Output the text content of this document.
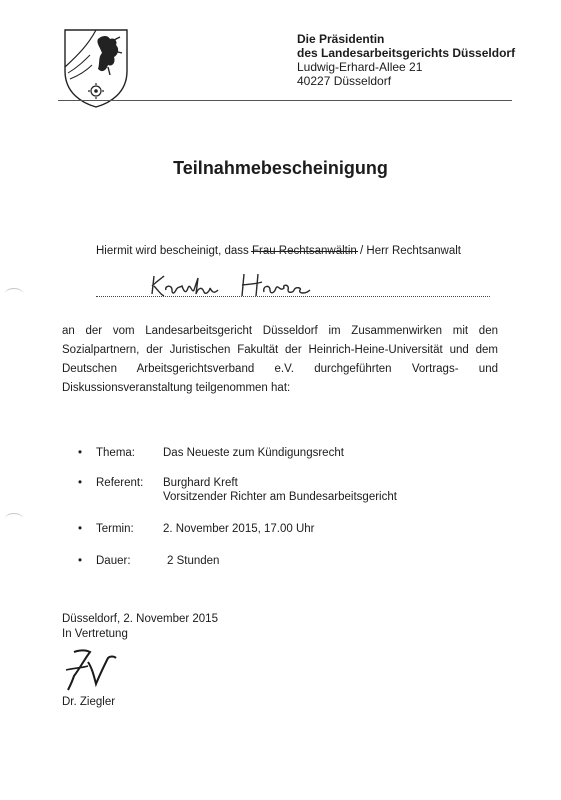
Die Präsidentin
des Landesarbeitsgerichts Düsseldorf
Ludwig-Erhard-Allee 21
40227 Düsseldorf
Teilnahmebescheinigung
Hiermit wird bescheinigt, dass Frau Rechtsanwältin / Herr Rechtsanwalt
an der vom Landesarbeitsgericht Düsseldorf im Zusammenwirken mit den Sozialpartnern, der Juristischen Fakultät der Heinrich-Heine-Universität und dem Deutschen Arbeitsgerichtsverband e.V. durchgeführten Vortrags- und Diskussionsveranstaltung teilgenommen hat:
• Thema: Das Neueste zum Kündigungsrecht
• Referent: Burghard Kreft
Vorsitzender Richter am Bundesarbeitsgericht
• Termin:	2. November 2015, 17.00 Uhr
• Dauer:	2 Stunden
Düsseldorf, 2. November 2015
In Vertretung
Dr. Ziegler
